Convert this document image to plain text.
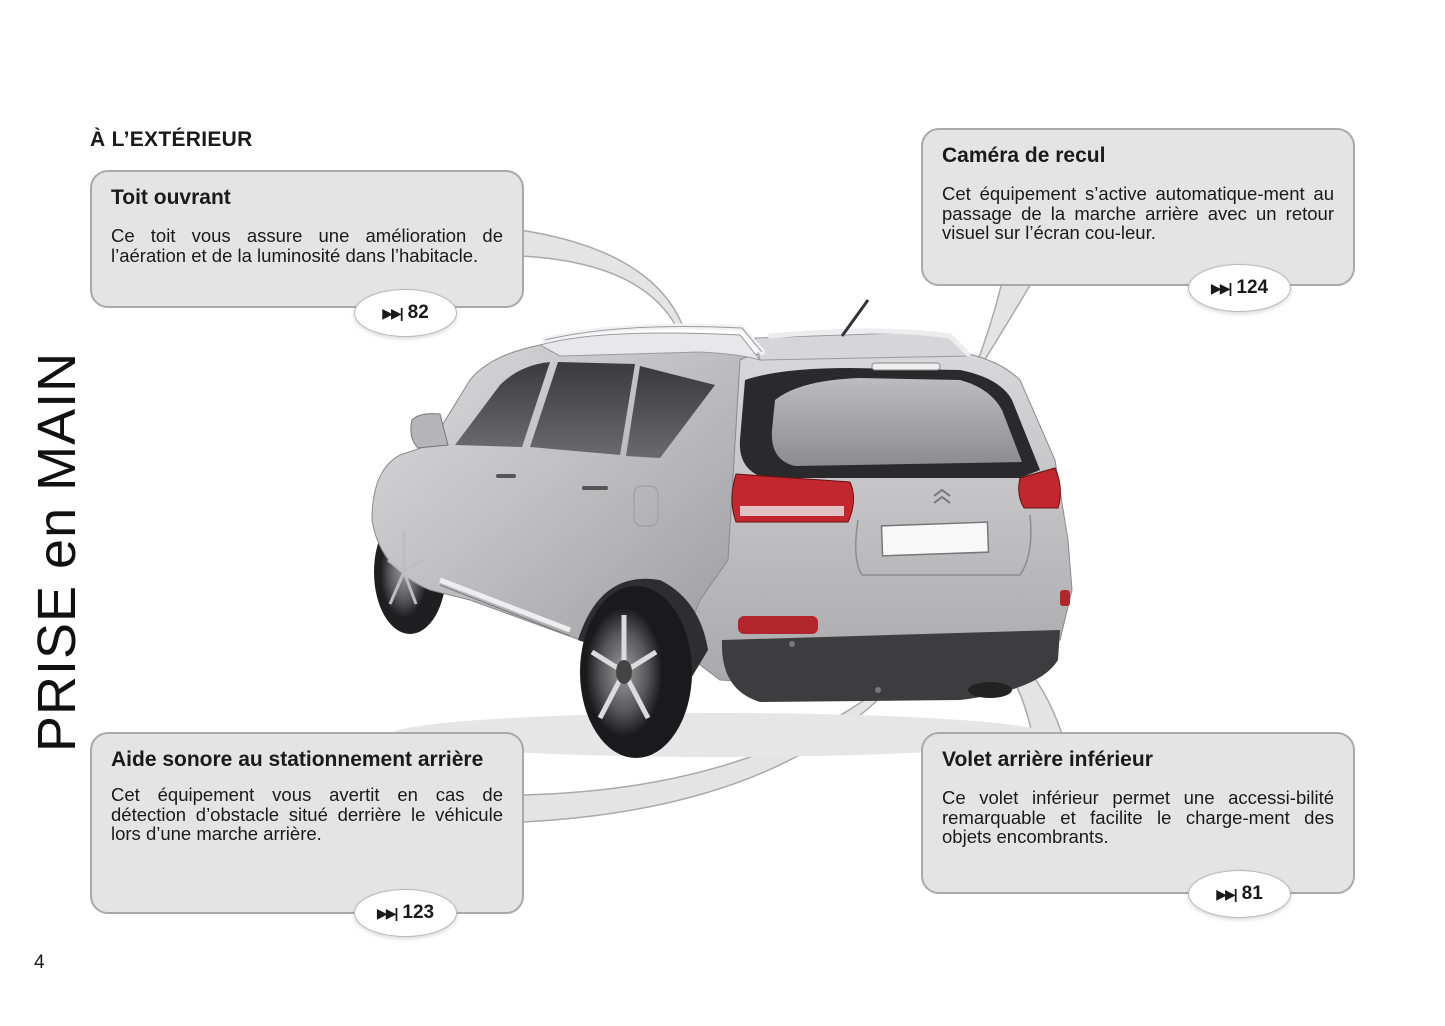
À L’EXTÉRIEUR
PRISE en MAIN
4
Toit ouvrant

Ce toit vous assure une amélioration de l’aération et de la luminosité dans l’habitacle.

▶▶| 82
Caméra de recul

Cet équipement s’active automatique-ment au passage de la marche arrière avec un retour visuel sur l’écran cou-leur.

▶▶| 124
Aide sonore au stationnement arrière

Cet équipement vous avertit en cas de détection d’obstacle situé derrière le véhicule lors d’une marche arrière.

▶▶| 123
Volet arrière inférieur

Ce volet inférieur permet une accessi-bilité remarquable et facilite le charge-ment des objets encombrants.

▶▶| 81
